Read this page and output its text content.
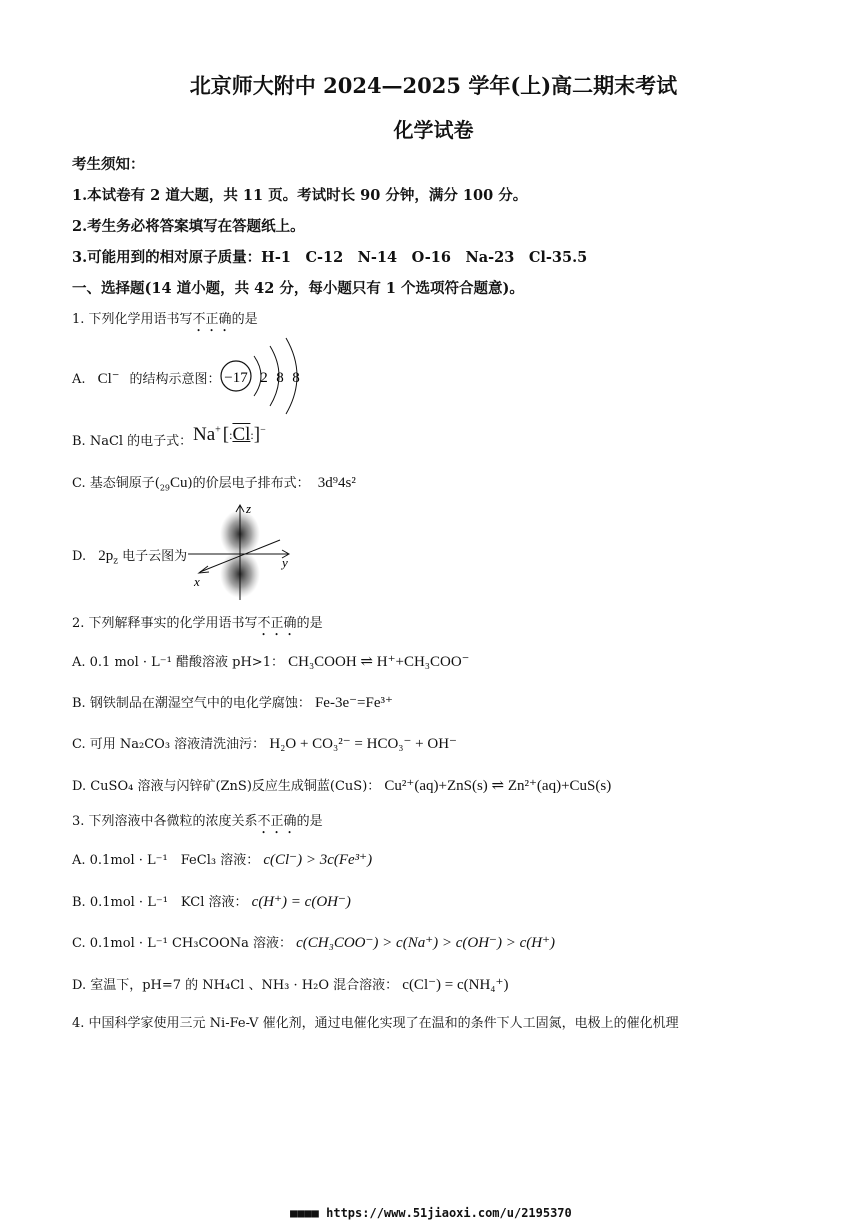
北京师大附中 2024—2025 学年(上)高二期末考试
化学试卷
考生须知：
1.本试卷有 2 道大题，共 11 页。考试时长 90 分钟，满分 100 分。
2.考生务必将答案填写在答题纸上。
3.可能用到的相对原子质量：H-1　C-12　N-14　O-16　Na-23　Cl-35.5
一、选择题(14 道小题，共 42 分，每小题只有 1 个选项符合题意)。
1. 下列化学用语书写不正确的是
A. Cl− 的结构示意图： −17 2 8 8
B. NaCl 的电子式： Na+ [:Cl:]−
C. 基态铜原子$(_{29}Cu)$的价层电子排布式： 3d⁹4s²
D. $2p_z$ 电子云图为
z
y
x
2. 下列解释事实的化学用语书写不正确的是
A. 0.1 mol · L⁻¹ 醋酸溶液 pH>1： CH₃COOH ⇌ H⁺+CH₃COO−
B. 钢铁制品在潮湿空气中的电化学腐蚀： Fe-3e⁻=Fe³⁺
C. 可用 Na₂CO₃ 溶液清洗油污： H₂O + CO₃²⁻ = HCO₃⁻ + OH⁻
D. CuSO₄ 溶液与闪锌矿(ZnS)反应生成铜蓝(CuS)： Cu²⁺(aq)+ZnS(s) ⇌ Zn²⁺(aq)+CuS(s)
3. 下列溶液中各微粒的浓度关系不正确的是
A. 0.1mol · L⁻¹　FeCl₃ 溶液： c(Cl⁻) > 3c(Fe³⁺)
B. 0.1mol · L⁻¹　KCl 溶液： c(H⁺) = c(OH⁻)
C. 0.1mol · L⁻¹ CH₃COONa 溶液： c(CH₃COO⁻) > c(Na⁺) > c(OH⁻) > c(H⁺)
D. 室温下，pH=7 的 NH₄Cl 、NH₃ · H₂O 混合溶液： c(Cl⁻) = c(NH₄⁺)
4. 中国科学家使用三元 Ni-Fe-V 催化剂，通过电催化实现了在温和的条件下人工固氮，电极上的催化机理
■■■■ https://www.51jiaoxi.com/u/2195370
